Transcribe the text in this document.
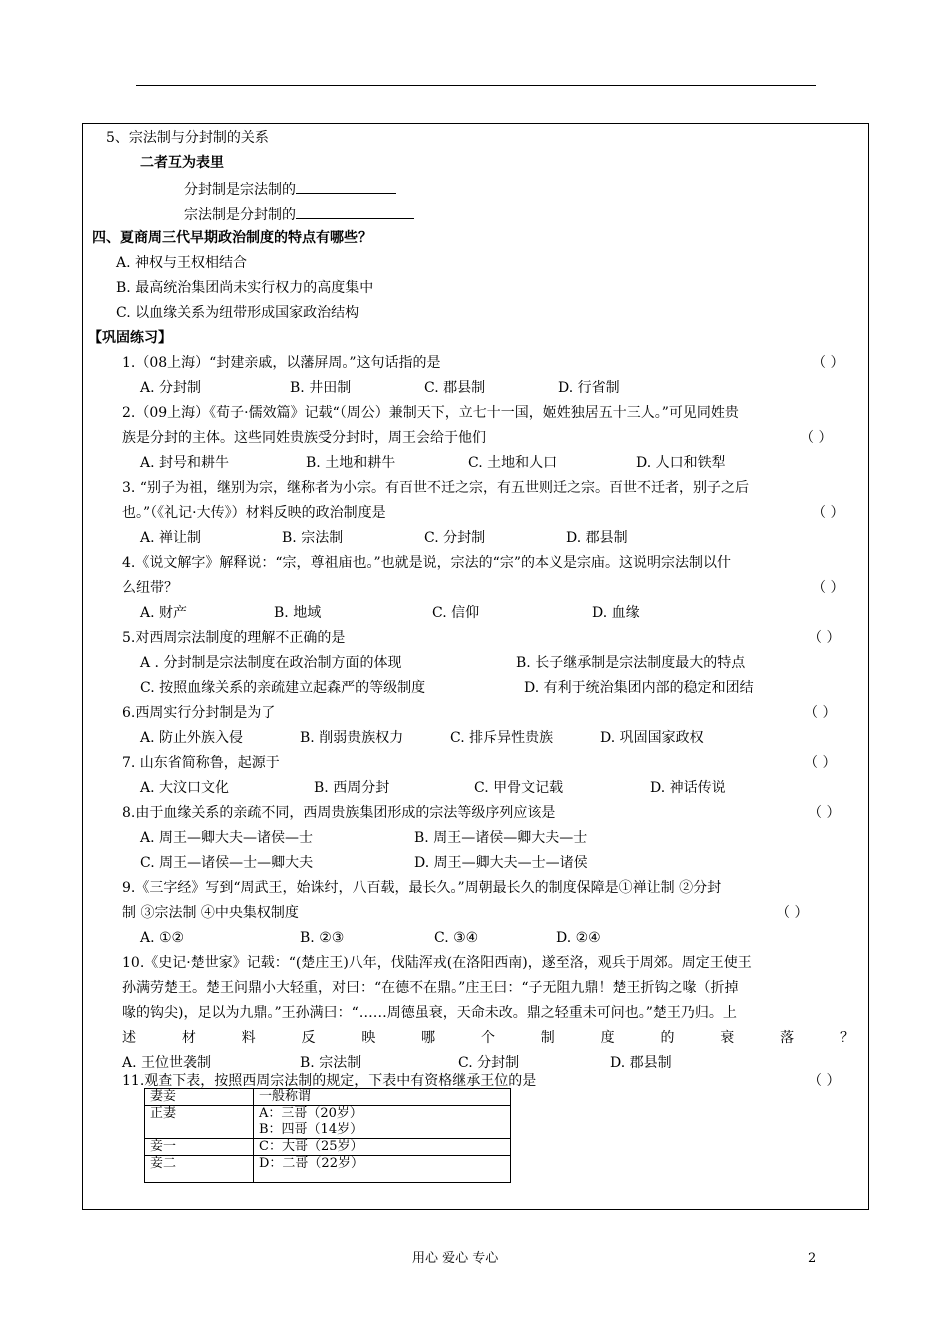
5、宗法制与分封制的关系
二者互为表里
分封制是宗法制的
宗法制是分封制的
四、夏商周三代早期政治制度的特点有哪些？
A. 神权与王权相结合
B. 最高统治集团尚未实行权力的高度集中
C. 以血缘关系为纽带形成国家政治结构
【巩固练习】
1.（08上海）“封建亲戚，以藩屏周。”这句话指的是	（ ）
A. 分封制	B. 井田制	C. 郡县制	D. 行省制
2.（09上海）《荀子·儒效篇》记载“（周公）兼制天下，立七十一国，姬姓独居五十三人。”可见同姓贵
族是分封的主体。这些同姓贵族受分封时，周王会给于他们	（ ）
A. 封号和耕牛	B. 土地和耕牛	C. 土地和人口	D. 人口和铁犁
3. “别子为祖，继别为宗，继称者为小宗。有百世不迁之宗，有五世则迁之宗。百世不迁者，别子之后
也。”（《礼记·大传》）材料反映的政治制度是	（ ）
A. 禅让制	B. 宗法制	C. 分封制	D. 郡县制
4.《说文解字》解释说：“宗，尊祖庙也。”也就是说，宗法的“宗”的本义是宗庙。这说明宗法制以什
么纽带？	（ ）
A. 财产	B. 地域	C. 信仰	D. 血缘
5.对西周宗法制度的理解不正确的是	（ ）
A . 分封制是宗法制度在政治制方面的体现	B. 长子继承制是宗法制度最大的特点
C. 按照血缘关系的亲疏建立起森严的等级制度	D. 有利于统治集团内部的稳定和团结
6.西周实行分封制是为了	（ ）
A. 防止外族入侵	B. 削弱贵族权力	C. 排斥异性贵族	D. 巩固国家政权
7. 山东省简称鲁，起源于	（ ）
A. 大汶口文化	B. 西周分封	C. 甲骨文记载	D. 神话传说
8.由于血缘关系的亲疏不同，西周贵族集团形成的宗法等级序列应该是	（ ）
A. 周王—卿大夫—诸侯—士	B. 周王—诸侯—卿大夫—士
C. 周王—诸侯—士—卿大夫	D. 周王—卿大夫—士—诸侯
9.《三字经》写到“周武王，始诛纣，八百载，最长久。”周朝最长久的制度保障是①禅让制 ②分封
制 ③宗法制 ④中央集权制度	（ ）
A. ①②	B. ②③	C. ③④	D. ②④
10.《史记·楚世家》记载：“(楚庄王)八年，伐陆浑戎(在洛阳西南)，遂至洛，观兵于周郊。周定王使王
孙满劳楚王。楚王问鼎小大轻重，对曰：“在德不在鼎。”庄王曰：“子无阻九鼎！楚王折钩之喙（折掉
喙的钩尖)，足以为九鼎。”王孙满曰：“……周德虽衰，天命未改。鼎之轻重未可问也。”楚王乃归。上
述	材	料	反	映	哪	个	制	度	的	衰	落	？
A. 王位世袭制	B. 宗法制	C. 分封制	D. 郡县制
11.观查下表，按照西周宗法制的规定，下表中有资格继承王位的是	（ ）
妻妾	一般称谓
正妻	A：三哥（20岁）
B：四哥（14岁）

妾一	C：大哥（25岁）
妾二	D：二哥（22岁）
用心 爱心 专心	2
